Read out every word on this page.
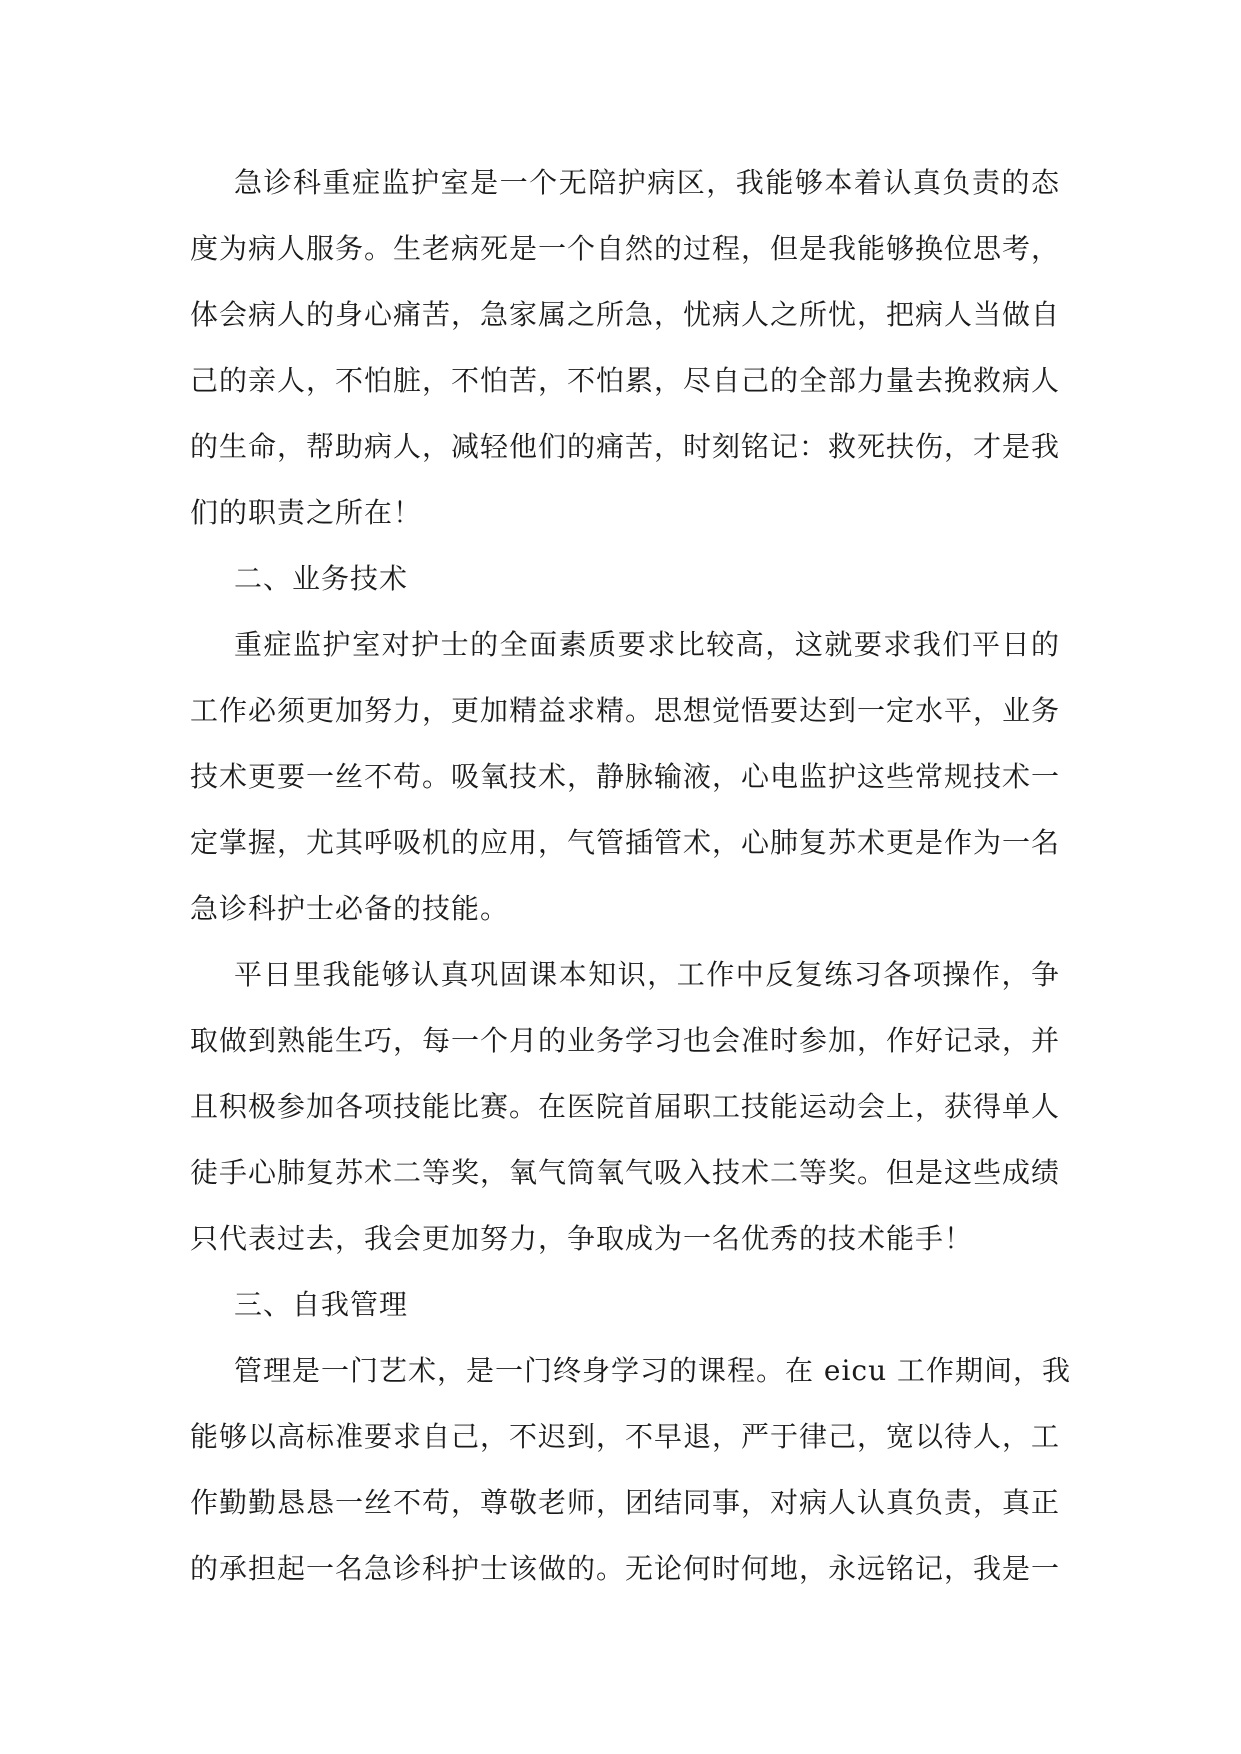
急诊科重症监护室是一个无陪护病区，我能够本着认真负责的态
度为病人服务。生老病死是一个自然的过程，但是我能够换位思考，
体会病人的身心痛苦，急家属之所急，忧病人之所忧，把病人当做自
己的亲人，不怕脏，不怕苦，不怕累，尽自己的全部力量去挽救病人
的生命，帮助病人，减轻他们的痛苦，时刻铭记：救死扶伤，才是我
们的职责之所在！
二、业务技术
重症监护室对护士的全面素质要求比较高，这就要求我们平日的
工作必须更加努力，更加精益求精。思想觉悟要达到一定水平，业务
技术更要一丝不苟。吸氧技术，静脉输液，心电监护这些常规技术一
定掌握，尤其呼吸机的应用，气管插管术，心肺复苏术更是作为一名
急诊科护士必备的技能。
平日里我能够认真巩固课本知识，工作中反复练习各项操作，争
取做到熟能生巧，每一个月的业务学习也会准时参加，作好记录，并
且积极参加各项技能比赛。在医院首届职工技能运动会上，获得单人
徒手心肺复苏术二等奖，氧气筒氧气吸入技术二等奖。但是这些成绩
只代表过去，我会更加努力，争取成为一名优秀的技术能手！
三、自我管理
管理是一门艺术，是一门终身学习的课程。在 eicu 工作期间，我
能够以高标准要求自己，不迟到，不早退，严于律己，宽以待人，工
作勤勤恳恳一丝不苟，尊敬老师，团结同事，对病人认真负责，真正
的承担起一名急诊科护士该做的。无论何时何地，永远铭记，我是一
